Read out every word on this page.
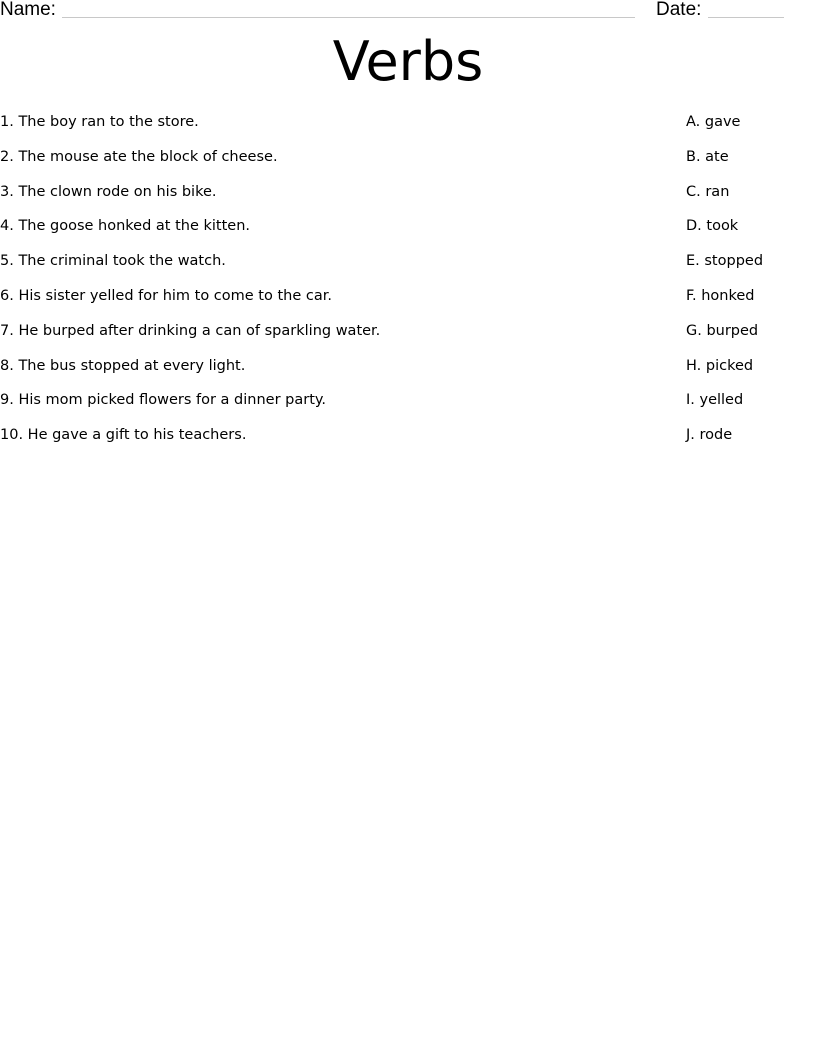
Name:	Date:
Verbs
1. The boy ran to the store.
2. The mouse ate the block of cheese.
3. The clown rode on his bike.
4. The goose honked at the kitten.
5. The criminal took the watch.
6. His sister yelled for him to come to the car.
7. He burped after drinking a can of sparkling water.
8. The bus stopped at every light.
9. His mom picked flowers for a dinner party.
10. He gave a gift to his teachers.
A. gave
B. ate
C. ran
D. took
E. stopped
F. honked
G. burped
H. picked
I. yelled
J. rode
